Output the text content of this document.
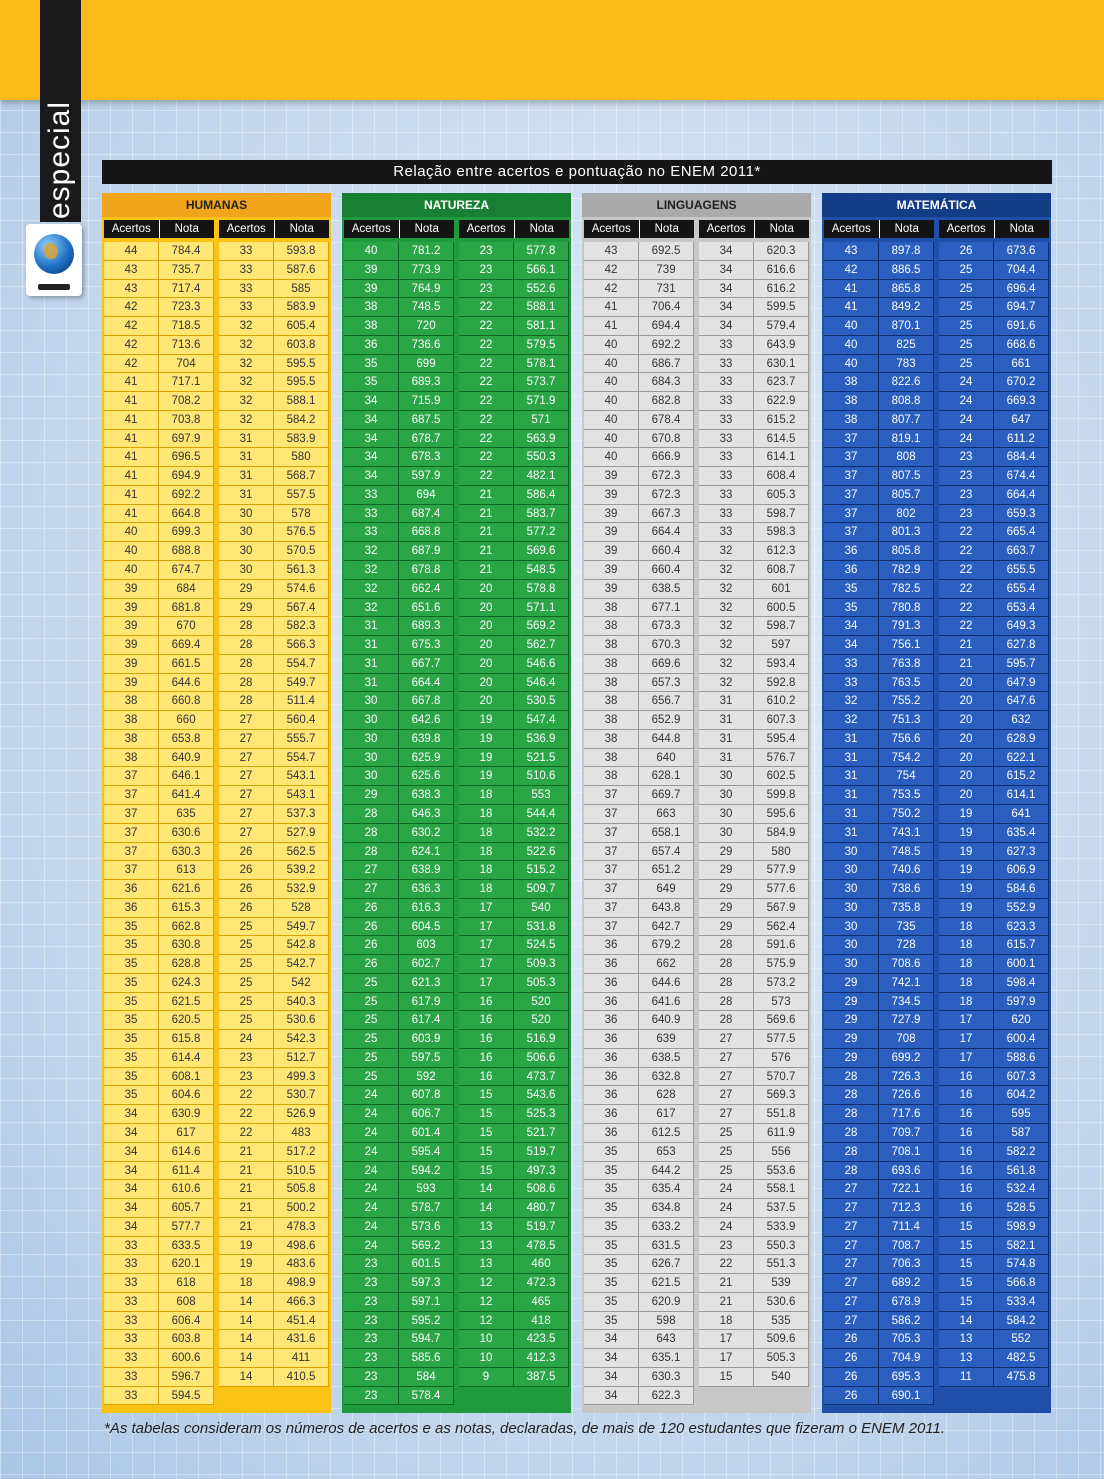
especial	Relação entre acertos e pontuação no ENEM 2011*
HUMANAS
Acertos	Nota
44	784.4
43	735.7
43	717.4
42	723.3
42	718.5
42	713.6
42	704
41	717.1
41	708.2
41	703.8
41	697.9
41	696.5
41	694.9
41	692.2
41	664.8
40	699.3
40	688.8
40	674.7
39	684
39	681.8
39	670
39	669.4
39	661.5
39	644.6
38	660.8
38	660
38	653.8
38	640.9
37	646.1
37	641.4
37	635
37	630.6
37	630.3
37	613
36	621.6
36	615.3
35	662.8
35	630.8
35	628.8
35	624.3
35	621.5
35	620.5
35	615.8
35	614.4
35	608.1
35	604.6
34	630.9
34	617
34	614.6
34	611.4
34	610.6
34	605.7
34	577.7
33	633.5
33	620.1
33	618
33	608
33	606.4
33	603.8
33	600.6
33	596.7
33	594.5
Acertos	Nota
33	593.8
33	587.6
33	585
33	583.9
32	605.4
32	603.8
32	595.5
32	595.5
32	588.1
32	584.2
31	583.9
31	580
31	568.7
31	557.5
30	578
30	576.5
30	570.5
30	561.3
29	574.6
29	567.4
28	582.3
28	566.3
28	554.7
28	549.7
28	511.4
27	560.4
27	555.7
27	554.7
27	543.1
27	543.1
27	537.3
27	527.9
26	562.5
26	539.2
26	532.9
26	528
25	549.7
25	542.8
25	542.7
25	542
25	540.3
25	530.6
24	542.3
23	512.7
23	499.3
22	530.7
22	526.9
22	483
21	517.2
21	510.5
21	505.8
21	500.2
21	478.3
19	498.6
19	483.6
18	498.9
14	466.3
14	451.4
14	431.6
14	411
14	410.5
NATUREZA
Acertos	Nota
40	781.2
39	773.9
39	764.9
38	748.5
38	720
36	736.6
35	699
35	689.3
34	715.9
34	687.5
34	678.7
34	678.3
34	597.9
33	694
33	687.4
33	668.8
32	687.9
32	678.8
32	662.4
32	651.6
31	689.3
31	675.3
31	667.7
31	664.4
30	667.8
30	642.6
30	639.8
30	625.9
30	625.6
29	638.3
28	646.3
28	630.2
28	624.1
27	638.9
27	636.3
26	616.3
26	604.5
26	603
26	602.7
25	621.3
25	617.9
25	617.4
25	603.9
25	597.5
25	592
24	607.8
24	606.7
24	601.4
24	595.4
24	594.2
24	593
24	578.7
24	573.6
24	569.2
23	601.5
23	597.3
23	597.1
23	595.2
23	594.7
23	585.6
23	584
23	578.4
Acertos	Nota
23	577.8
23	566.1
23	552.6
22	588.1
22	581.1
22	579.5
22	578.1
22	573.7
22	571.9
22	571
22	563.9
22	550.3
22	482.1
21	586.4
21	583.7
21	577.2
21	569.6
21	548.5
20	578.8
20	571.1
20	569.2
20	562.7
20	546.6
20	546.4
20	530.5
19	547.4
19	536.9
19	521.5
19	510.6
18	553
18	544.4
18	532.2
18	522.6
18	515.2
18	509.7
17	540
17	531.8
17	524.5
17	509.3
17	505.3
16	520
16	520
16	516.9
16	506.6
16	473.7
15	543.6
15	525.3
15	521.7
15	519.7
15	497.3
14	508.6
14	480.7
13	519.7
13	478.5
13	460
12	472.3
12	465
12	418
10	423.5
10	412.3
9	387.5
LINGUAGENS
Acertos	Nota
43	692.5
42	739
42	731
41	706.4
41	694.4
40	692.2
40	686.7
40	684.3
40	682.8
40	678.4
40	670.8
40	666.9
39	672.3
39	672.3
39	667.3
39	664.4
39	660.4
39	660.4
39	638.5
38	677.1
38	673.3
38	670.3
38	669.6
38	657.3
38	656.7
38	652.9
38	644.8
38	640
38	628.1
37	669.7
37	663
37	658.1
37	657.4
37	651.2
37	649
37	643.8
37	642.7
36	679.2
36	662
36	644.6
36	641.6
36	640.9
36	639
36	638.5
36	632.8
36	628
36	617
36	612.5
35	653
35	644.2
35	635.4
35	634.8
35	633.2
35	631.5
35	626.7
35	621.5
35	620.9
35	598
34	643
34	635.1
34	630.3
34	622.3
Acertos	Nota
34	620.3
34	616.6
34	616.2
34	599.5
34	579.4
33	643.9
33	630.1
33	623.7
33	622.9
33	615.2
33	614.5
33	614.1
33	608.4
33	605.3
33	598.7
33	598.3
32	612.3
32	608.7
32	601
32	600.5
32	598.7
32	597
32	593.4
32	592.8
31	610.2
31	607.3
31	595.4
31	576.7
30	602.5
30	599.8
30	595.6
30	584.9
29	580
29	577.9
29	577.6
29	567.9
29	562.4
28	591.6
28	575.9
28	573.2
28	573
28	569.6
27	577.5
27	576
27	570.7
27	569.3
27	551.8
25	611.9
25	556
25	553.6
24	558.1
24	537.5
24	533.9
23	550.3
22	551.3
21	539
21	530.6
18	535
17	509.6
17	505.3
15	540
MATEMÁTICA
Acertos	Nota
43	897.8
42	886.5
41	865.8
41	849.2
40	870.1
40	825
40	783
38	822.6
38	808.8
38	807.7
37	819.1
37	808
37	807.5
37	805.7
37	802
37	801.3
36	805.8
36	782.9
35	782.5
35	780.8
34	791.3
34	756.1
33	763.8
33	763.5
32	755.2
32	751.3
31	756.6
31	754.2
31	754
31	753.5
31	750.2
31	743.1
30	748.5
30	740.6
30	738.6
30	735.8
30	735
30	728
30	708.6
29	742.1
29	734.5
29	727.9
29	708
29	699.2
28	726.3
28	726.6
28	717.6
28	709.7
28	708.1
28	693.6
27	722.1
27	712.3
27	711.4
27	708.7
27	706.3
27	689.2
27	678.9
27	586.2
26	705.3
26	704.9
26	695.3
26	690.1
Acertos	Nota
26	673.6
25	704.4
25	696.4
25	694.7
25	691.6
25	668.6
25	661
24	670.2
24	669.3
24	647
24	611.2
23	684.4
23	674.4
23	664.4
23	659.3
22	665.4
22	663.7
22	655.5
22	655.4
22	653.4
22	649.3
21	627.8
21	595.7
20	647.9
20	647.6
20	632
20	628.9
20	622.1
20	615.2
20	614.1
19	641
19	635.4
19	627.3
19	606.9
19	584.6
19	552.9
18	623.3
18	615.7
18	600.1
18	598.4
18	597.9
17	620
17	600.4
17	588.6
16	607.3
16	604.2
16	595
16	587
16	582.2
16	561.8
16	532.4
16	528.5
15	598.9
15	582.1
15	574.8
15	566.8
15	533.4
14	584.2
13	552
13	482.5
11	475.8
*As tabelas consideram os números de acertos e as notas, declaradas, de mais de 120 estudantes que fizeram o ENEM 2011.
